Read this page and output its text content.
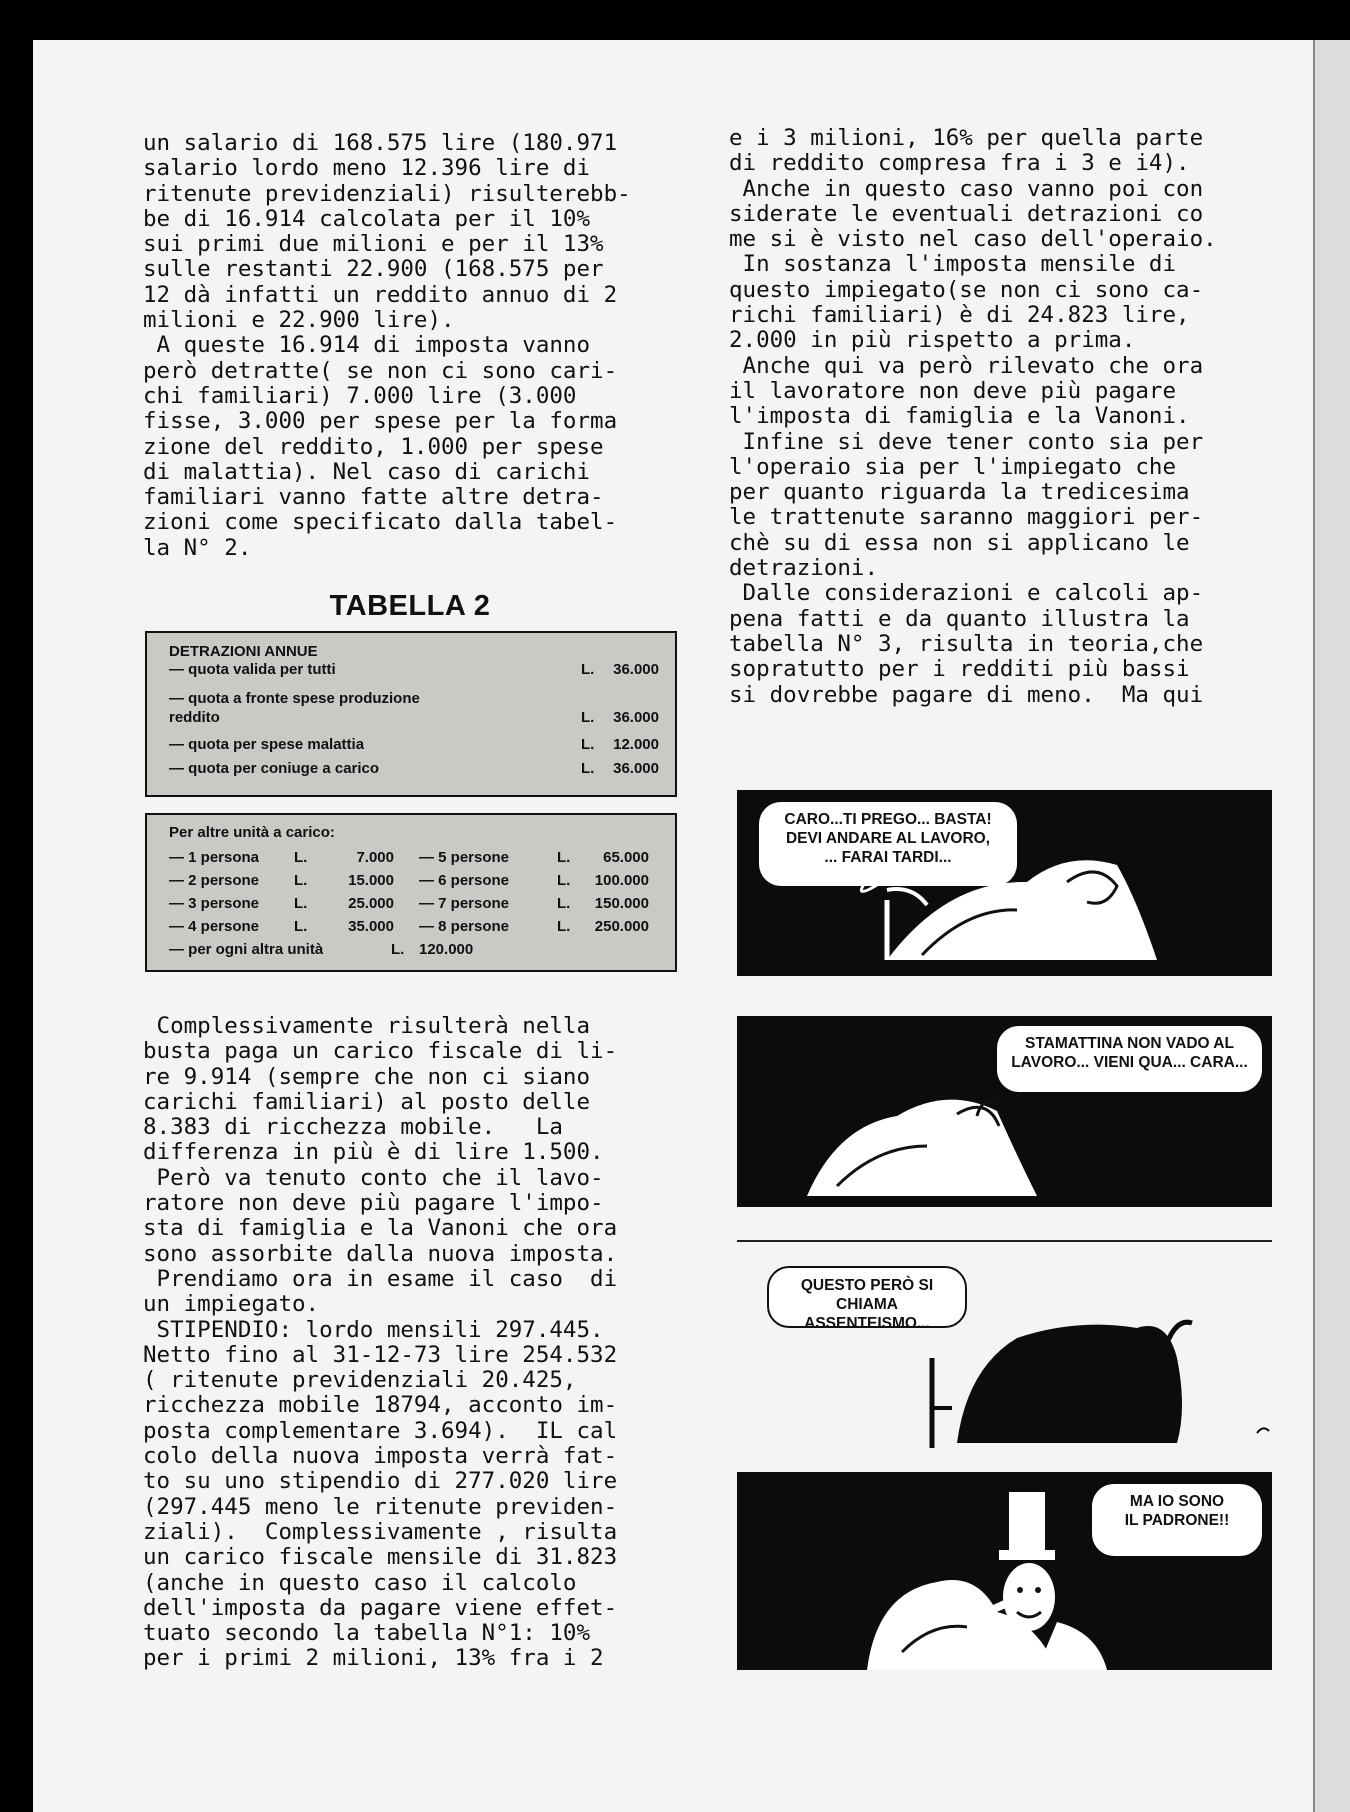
un salario di 168.575 lire (180.971

salario lordo meno 12.396 lire di

ritenute previdenziali) risulterebb-

be di 16.914 calcolata per il 10%

sui primi due milioni e per il 13%

sulle restanti 22.900 (168.575 per

12 dà infatti un reddito annuo di 2

milioni e 22.900 lire).

A queste 16.914 di imposta vanno

però detratte( se non ci sono cari-

chi familiari) 7.000 lire (3.000

fisse, 3.000 per spese per la forma

zione del reddito, 1.000 per spese

di malattia). Nel caso di carichi

familiari vanno fatte altre detra-

zioni come specificato dalla tabel-

la N° 2.

TABELLA 2
DETRAZIONI ANNUE
— quota valida per tutti	L. 36.000
— quota a fronte spese produzione
reddito	L. 36.000
— quota per spese malattia	L. 12.000
— quota per coniuge a carico	L. 36.000
Per altre unità a carico:
— 1 persona L.	7.000 — 5 persone	L. 65.000
— 2 persone L.	15.000 — 6 persone	L. 100.000
— 3 persone L.	25.000 — 7 persone	L. 150.000
— 4 persone L.	35.000 — 8 persone	L. 250.000
— per ogni altra unità	L. 120.000

Complessivamente risulterà nella

busta paga un carico fiscale di li-

re 9.914 (sempre che non ci siano

carichi familiari) al posto delle

8.383 di ricchezza mobile.   La

differenza in più è di lire 1.500.

Però va tenuto conto che il lavo-

ratore non deve più pagare l'impo-

sta di famiglia e la Vanoni che ora

sono assorbite dalla nuova imposta.

Prendiamo ora in esame il caso  di

un impiegato.

STIPENDIO: lordo mensili 297.445.

Netto fino al 31-12-73 lire 254.532

( ritenute previdenziali 20.425,

ricchezza mobile 18794, acconto im-

posta complementare 3.694).  IL cal

colo della nuova imposta verrà fat-

to su uno stipendio di 277.020 lire

(297.445 meno le ritenute previden-

ziali).  Complessivamente , risulta

un carico fiscale mensile di 31.823

(anche in questo caso il calcolo

dell'imposta da pagare viene effet-

tuato secondo la tabella N°1: 10%

per i primi 2 milioni, 13% fra i 2

e i 3 milioni, 16% per quella parte

di reddito compresa fra i 3 e i4).

Anche in questo caso vanno poi con

siderate le eventuali detrazioni co

me si è visto nel caso dell'operaio.

In sostanza l'imposta mensile di

questo impiegato(se non ci sono ca-

richi familiari) è di 24.823 lire,

2.000 in più rispetto a prima.

Anche qui va però rilevato che ora

il lavoratore non deve più pagare

l'imposta di famiglia e la Vanoni.

Infine si deve tener conto sia per

l'operaio sia per l'impiegato che

per quanto riguarda la tredicesima

le trattenute saranno maggiori per-

chè su di essa non si applicano le

detrazioni.

Dalle considerazioni e calcoli ap-

pena fatti e da quanto illustra la

tabella N° 3, risulta in teoria,che

sopratutto per i redditi più bassi

si dovrebbe pagare di meno.  Ma qui

CARO...TI PREGO... BASTA!
DEVI ANDARE AL LAVORO,
... FARAI TARDI...
STAMATTINA NON VADO AL
LAVORO... VIENI QUA... CARA...
QUESTO PERÒ SI CHIAMA
ASSENTEISMO...
MA IO SONO
IL PADRONE!!
